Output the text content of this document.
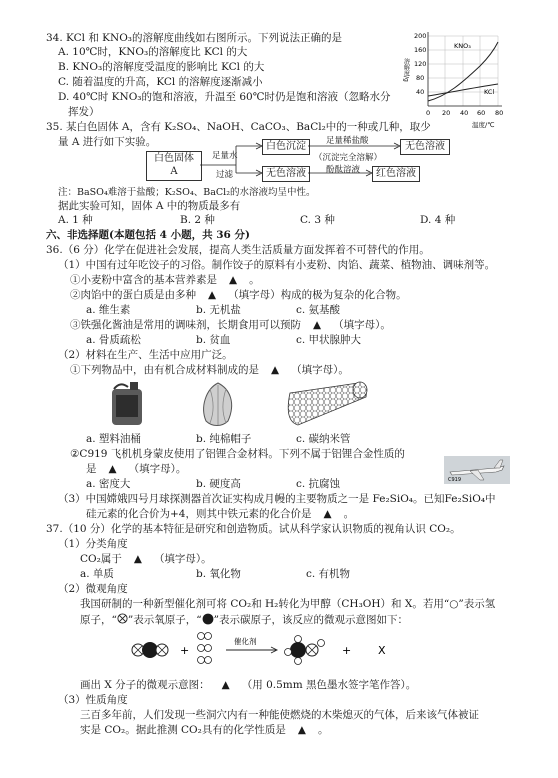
34. KCl 和 KNO₃的溶解度曲线如右图所示。下列说法正确的是
A. 10℃时，KNO₃的溶解度比 KCl 的大
B. KNO₃的溶解度受温度的影响比 KCl 的大
C. 随着温度的升高，KCl 的溶解度逐渐减小
D. 40℃时 KNO₃的饱和溶液，升温至 60℃时仍是饱和溶液（忽略水分
挥发）
200
160
120
80
40
溶解度/g
0 20 40 60 80
温度/℃
KNO₃
KCl
35. 某白色固体 A，含有 K₂SO₄、NaOH、CaCO₃、BaCl₂中的一种或几种，取少
量 A 进行如下实验。
白色固体
A
足量水
过滤
白色沉淀
无色溶液
足量稀盐酸
（沉淀完全溶解）
无色溶液
酚酞溶液	红色溶液
注：BaSO₄难溶于盐酸；K₂SO₄、BaCl₂的水溶液均呈中性。
据此实验可知，固体 A 中的物质最多有
A. 1 种	B. 2 种	C. 3 种	D. 4 种
六、非选择题(本题包括 4 小题，共 36 分)
36.（6 分）化学在促进社会发展，提高人类生活质量方面发挥着不可替代的作用。
（1）中国有过年吃饺子的习俗。制作饺子的原料有小麦粉、肉馅、蔬菜、植物油、调味剂等。
①小麦粉中富含的基本营养素是 ▲ 。
②肉馅中的蛋白质是由多种 ▲ （填字母）构成的极为复杂的化合物。
a. 维生素	b. 无机盐	c. 氨基酸
③铁强化酱油是常用的调味剂，长期食用可以预防 ▲ （填字母）。
a. 骨质疏松	b. 贫血	c. 甲状腺肿大
（2）材料在生产、生活中应用广泛。
①下列物品中，由有机合成材料制成的是 ▲ （填字母）。
a. 塑料油桶	b. 纯棉帽子	c. 碳纳米管
②C919 飞机机身蒙皮使用了铝锂合金材料。下列不属于铝锂合金性质的
是 ▲ （填字母）。
a. 密度大	b. 硬度高	c. 抗腐蚀	C919
（3）中国嫦娥四号月球探测器首次证实构成月幔的主要物质之一是 Fe₂SiO₄。已知Fe₂SiO₄中
硅元素的化合价为+4，则其中铁元素的化合价是 ▲ 。
37.（10 分）化学的基本特征是研究和创造物质。试从科学家认识物质的视角认识 CO₂。
（1）分类角度
CO₂属于 ▲ （填字母）。
a. 单质	b. 氧化物	c. 有机物
（2）微观角度
我国研制的一种新型催化剂可将 CO₂和 H₂转化为甲醇（CH₃OH）和 X。若用“○”表示氢
原子，“ ”表示氧原子，“ ”表示碳原子，该反应的微观示意图如下：
+
催化剂
+ X
画出 X 分子的微观示意图： ▲ （用 0.5mm 黑色墨水签字笔作答）。
（3）性质角度
三百多年前，人们发现一些洞穴内有一种能使燃烧的木柴熄灭的气体，后来该气体被证
实是 CO₂。据此推测 CO₂具有的化学性质是 ▲ 。
